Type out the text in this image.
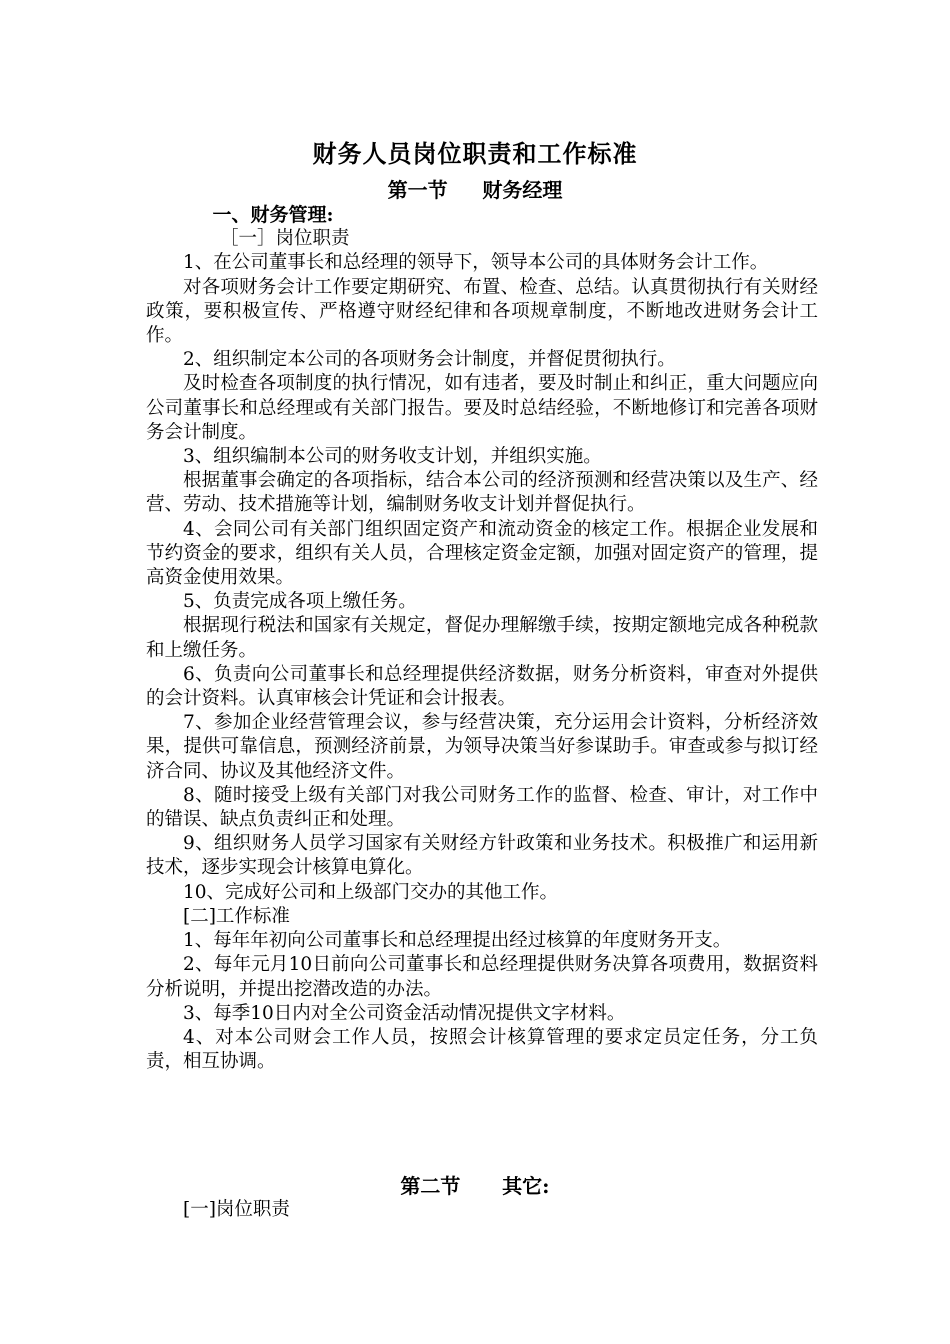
财务人员岗位职责和工作标准
第一节     财务经理

一、财务管理:

［一］岗位职责

1、在公司董事长和总经理的领导下，领导本公司的具体财务会计工作。

对各项财务会计工作要定期研究、布置、检查、总结。认真贯彻执行有关财经政策，要积极宣传、严格遵守财经纪律和各项规章制度，不断地改进财务会计工作。

2、组织制定本公司的各项财务会计制度，并督促贯彻执行。

及时检查各项制度的执行情况，如有违者，要及时制止和纠正，重大问题应向公司董事长和总经理或有关部门报告。要及时总结经验，不断地修订和完善各项财务会计制度。

3、组织编制本公司的财务收支计划，并组织实施。

根据董事会确定的各项指标，结合本公司的经济预测和经营决策以及生产、经营、劳动、技术措施等计划，编制财务收支计划并督促执行。

4、会同公司有关部门组织固定资产和流动资金的核定工作。根据企业发展和节约资金的要求，组织有关人员，合理核定资金定额，加强对固定资产的管理，提高资金使用效果。

5、负责完成各项上缴任务。

根据现行税法和国家有关规定，督促办理解缴手续，按期定额地完成各种税款和上缴任务。

6、负责向公司董事长和总经理提供经济数据，财务分析资料，审查对外提供的会计资料。认真审核会计凭证和会计报表。

7、参加企业经营管理会议，参与经营决策，充分运用会计资料，分析经济效果，提供可靠信息，预测经济前景，为领导决策当好参谋助手。审查或参与拟订经济合同、协议及其他经济文件。

8、随时接受上级有关部门对我公司财务工作的监督、检查、审计，对工作中的错误、缺点负责纠正和处理。

9、组织财务人员学习国家有关财经方针政策和业务技术。积极推广和运用新技术，逐步实现会计核算电算化。

10、完成好公司和上级部门交办的其他工作。

[二]工作标准

1、每年年初向公司董事长和总经理提出经过核算的年度财务开支。

2、每年元月10日前向公司董事长和总经理提供财务决算各项费用，数据资料分析说明，并提出挖潜改造的办法。

3、每季10日内对全公司资金活动情况提供文字材料。

4、对本公司财会工作人员，按照会计核算管理的要求定员定任务，分工负责，相互协调。

第二节      其它:

[一]岗位职责
